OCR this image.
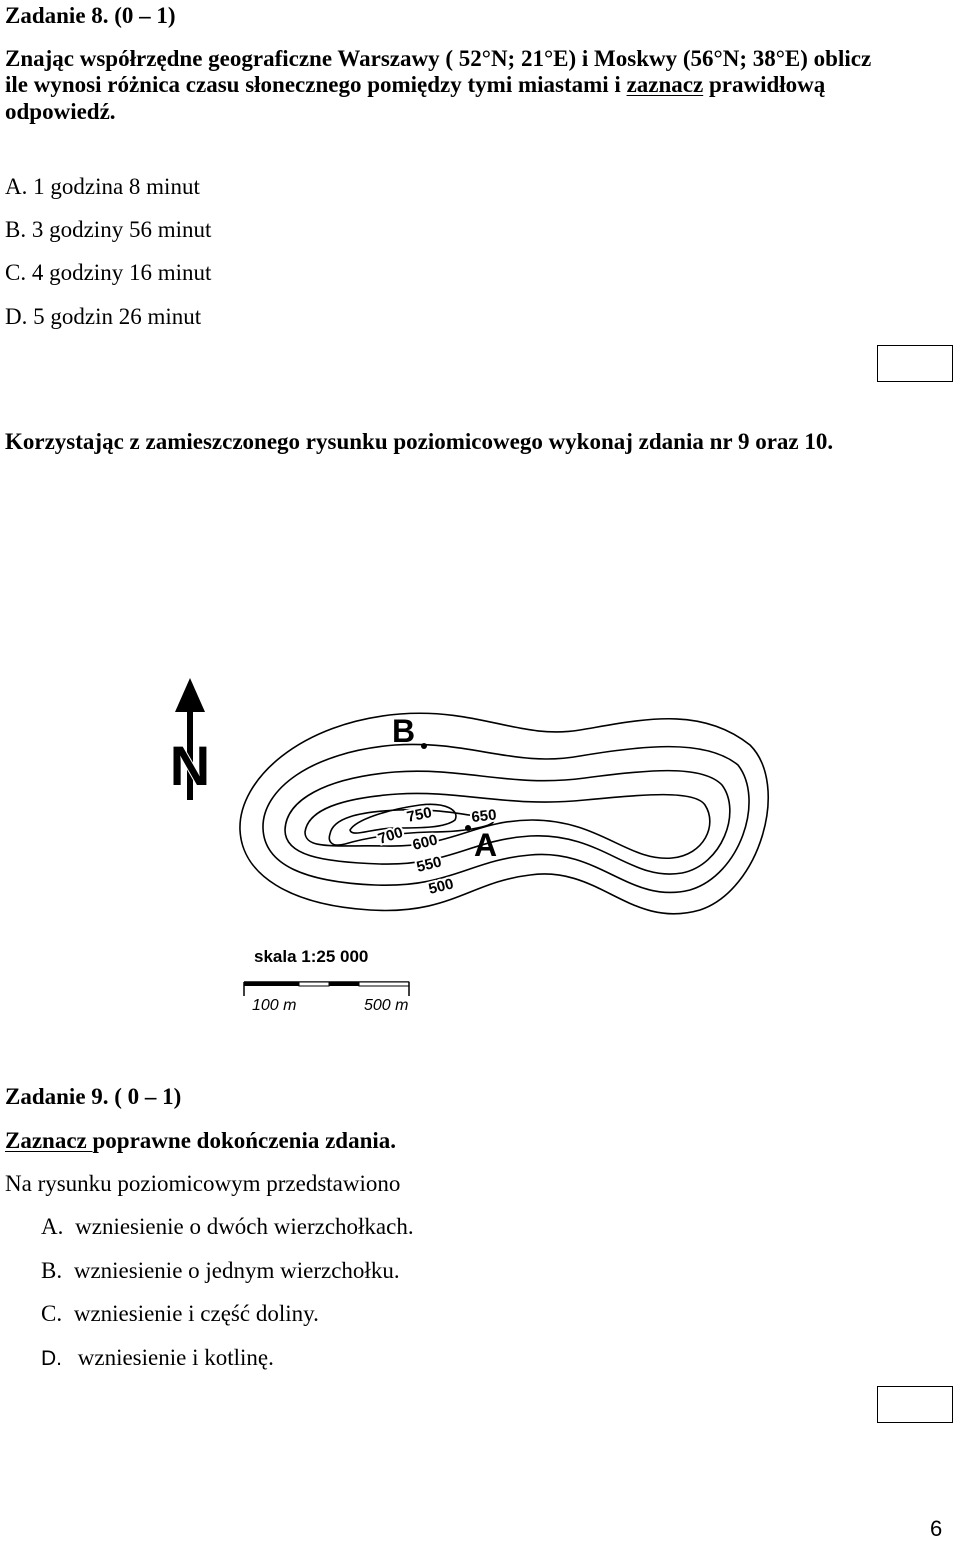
Zadanie 8. (0 – 1)
Znając współrzędne geograficzne Warszawy ( 52°N; 21°E) i Moskwy (56°N; 38°E) oblicz
ile wynosi różnica czasu słonecznego pomiędzy tymi miastami i zaznacz prawidłową
odpowiedź.
A. 1 godzina 8 minut
B. 3 godziny 56 minut
C. 4 godziny 16 minut
D. 5 godzin 26 minut
Korzystając z zamieszczonego rysunku poziomicowego wykonaj zdania nr 9 oraz 10.
N
B
A
500
550
600
650
700
750
skala 1:25 000
100 m	500 m
Zadanie 9. ( 0 – 1)
Zaznacz poprawne dokończenia zdania.
Na rysunku poziomicowym przedstawiono
A. wzniesienie o dwóch wierzchołkach.
B. wzniesienie o jednym wierzchołku.
C. wzniesienie i część doliny.
D. wzniesienie i kotlinę.
6
